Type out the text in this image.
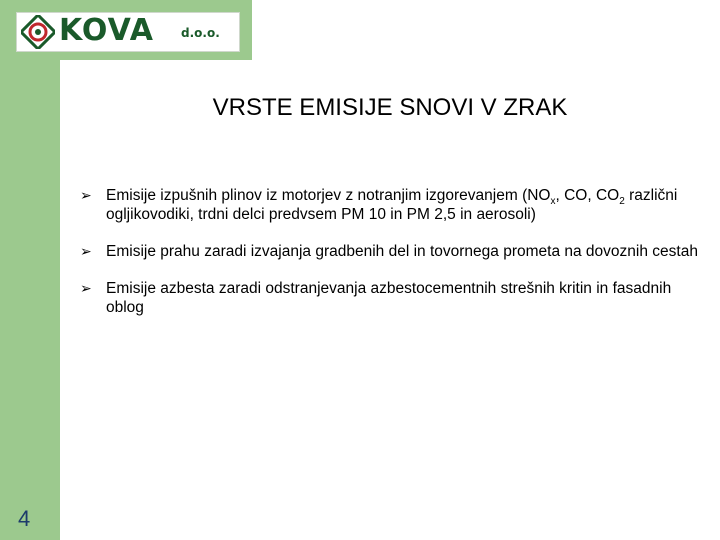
KOVA d.o.o.
VRSTE EMISIJE SNOVI V ZRAK
➢ Emisije izpušnih plinov iz motorjev z notranjim izgorevanjem ($NO_x$, CO, $CO_2$ različni ogljikovodiki, trdni delci predvsem PM 10 in PM 2,5 in aerosoli)
➢ Emisije prahu zaradi izvajanja gradbenih del in tovornega prometa na dovoznih cestah
➢ Emisije azbesta zaradi odstranjevanja azbestocementnih strešnih kritin in fasadnih oblog
4
